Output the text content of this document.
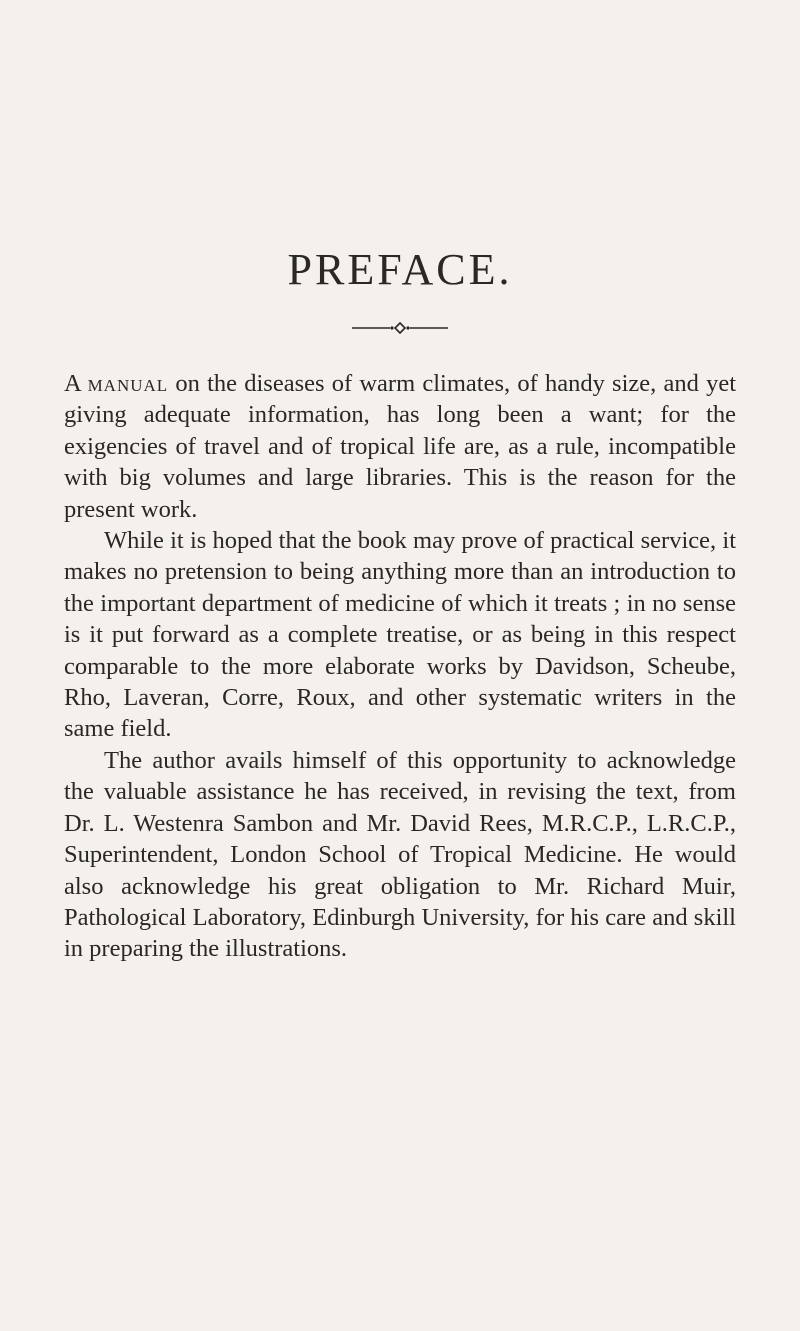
PREFACE.

A manual on the diseases of warm climates, of handy size, and yet giving adequate information, has long been a want; for the exigencies of travel and of tropical life are, as a rule, incompatible with big volumes and large libraries. This is the reason for the present work.

While it is hoped that the book may prove of practical service, it makes no pretension to being anything more than an introduction to the important department of medicine of which it treats ; in no sense is it put forward as a complete treatise, or as being in this respect comparable to the more elaborate works by Davidson, Scheube, Rho, Laveran, Corre, Roux, and other systematic writers in the same field.

The author avails himself of this opportunity to acknowledge the valuable assistance he has received, in revising the text, from Dr. L. Westenra Sambon and Mr. David Rees, M.R.C.P., L.R.C.P., Superintendent, London School of Tropical Medicine. He would also acknowledge his great obligation to Mr. Richard Muir, Pathological Laboratory, Edinburgh University, for his care and skill in preparing the illustrations.
